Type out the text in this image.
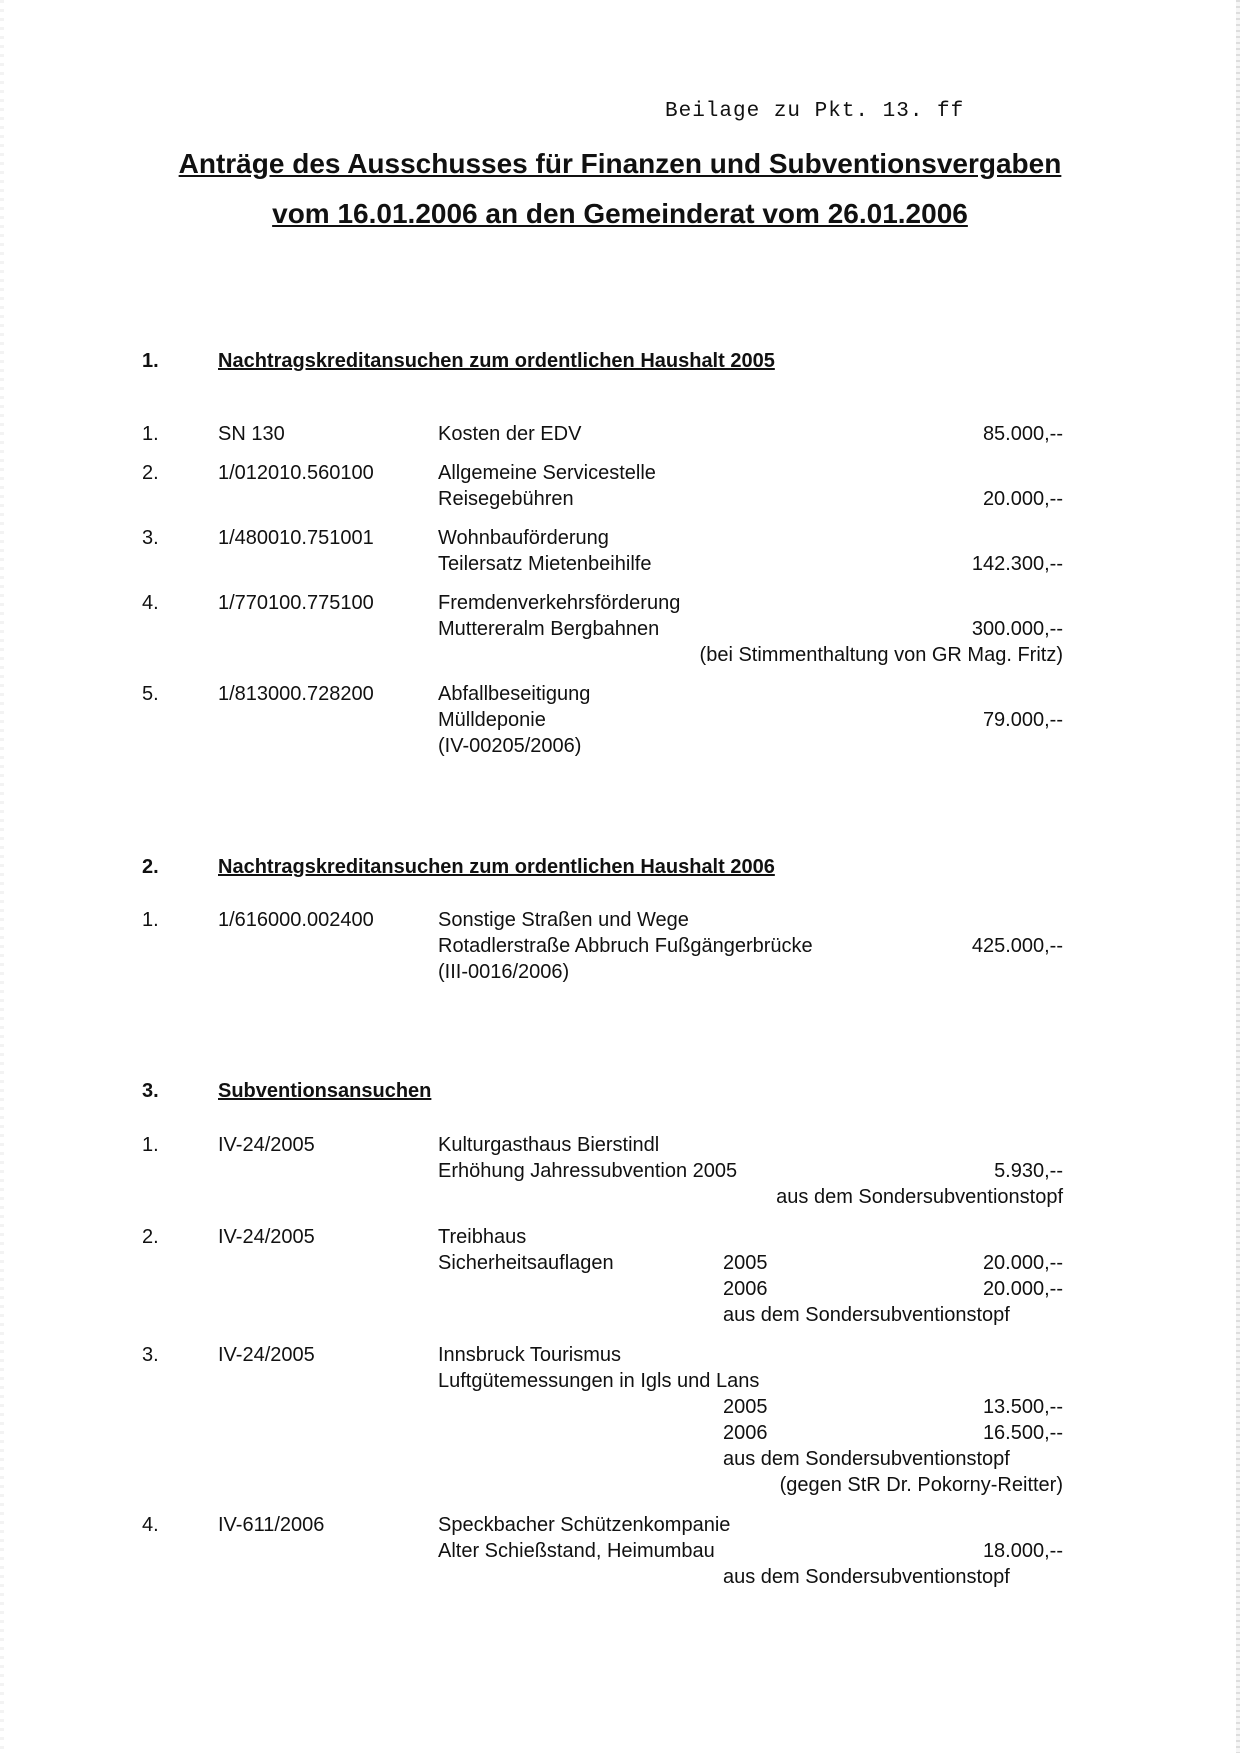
Beilage zu Pkt. 13. ff
Anträge des Ausschusses für Finanzen und Subventionsvergaben
vom 16.01.2006 an den Gemeinderat vom 26.01.2006
1.	Nachtragskreditansuchen zum ordentlichen Haushalt 2005
1.	SN 130	Kosten der EDV	85.000,--
2.	1/012010.560100	Allgemeine Servicestelle
Reisegebühren	20.000,--
3.	1/480010.751001	Wohnbauförderung
Teilersatz Mietenbeihilfe	142.300,--
4.	1/770100.775100	Fremdenverkehrsförderung
Muttereralm Bergbahnen	300.000,--
(bei Stimmenthaltung von GR Mag. Fritz)
5.	1/813000.728200	Abfallbeseitigung
Mülldeponie	79.000,--
(IV-00205/2006)
2.	Nachtragskreditansuchen zum ordentlichen Haushalt 2006
1.	1/616000.002400	Sonstige Straßen und Wege
Rotadlerstraße Abbruch Fußgängerbrücke	425.000,--
(III-0016/2006)
3.	Subventionsansuchen
1.	IV-24/2005	Kulturgasthaus Bierstindl
Erhöhung Jahressubvention 2005	5.930,--
aus dem Sondersubventionstopf
2.	IV-24/2005	Treibhaus
Sicherheitsauflagen	2005	20.000,--
2006	20.000,--
aus dem Sondersubventionstopf
3.	IV-24/2005	Innsbruck Tourismus
Luftgütemessungen in Igls und Lans
2005	13.500,--
2006	16.500,--
aus dem Sondersubventionstopf
(gegen StR Dr. Pokorny-Reitter)
4.	IV-611/2006	Speckbacher Schützenkompanie
Alter Schießstand, Heimumbau	18.000,--
aus dem Sondersubventionstopf
